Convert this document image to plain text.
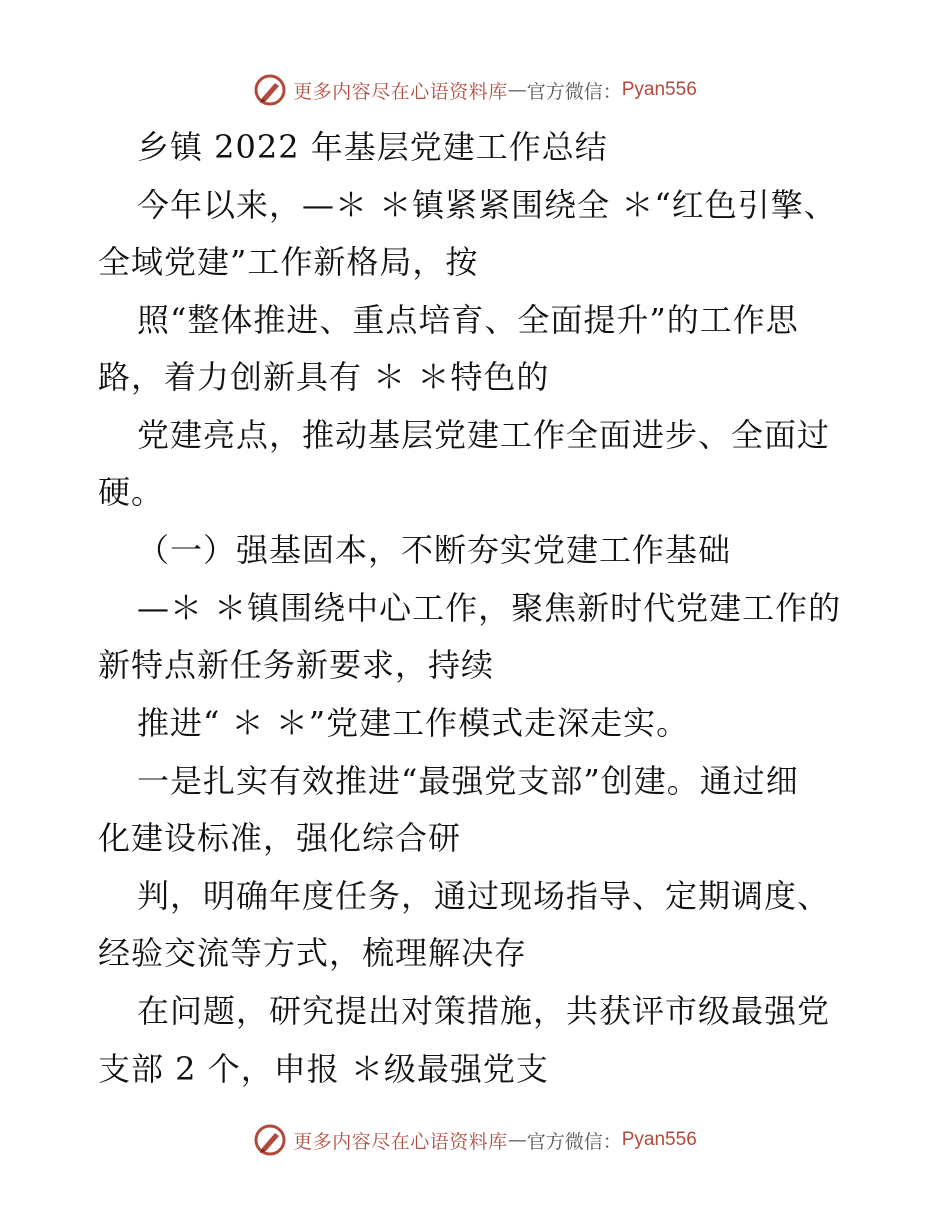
更多内容尽在心语资料库 — 官方微信： Pyan556
乡镇 2022 年基层党建工作总结
今年以来，—＊ ＊镇紧紧围绕全 ＊“红色引擎、
全域党建”工作新格局，按
照“整体推进、重点培育、全面提升”的工作思
路，着力创新具有 ＊ ＊特色的
党建亮点，推动基层党建工作全面进步、全面过
硬。
（一）强基固本，不断夯实党建工作基础
—＊ ＊镇围绕中心工作，聚焦新时代党建工作的
新特点新任务新要求，持续
推进“ ＊ ＊”党建工作模式走深走实。
一是扎实有效推进“最强党支部”创建。通过细
化建设标准，强化综合研
判，明确年度任务，通过现场指导、定期调度、
经验交流等方式，梳理解决存
在问题，研究提出对策措施，共获评市级最强党
支部 2 个，申报 ＊级最强党支
更多内容尽在心语资料库 — 官方微信： Pyan556
